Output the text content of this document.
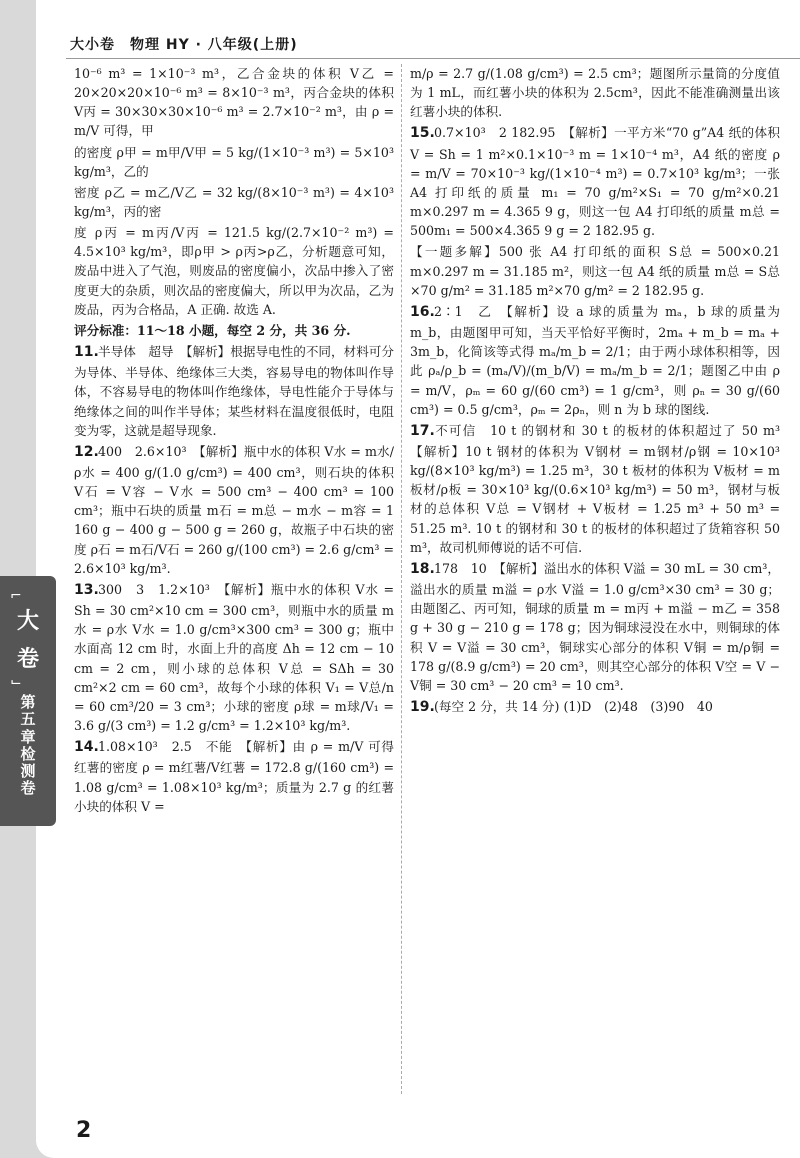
大小卷　物理 HY · 八年级(上册)
⌐
大
卷
⌙
第五章检测卷

10⁻⁶ m³ = 1×10⁻³ m³，乙合金块的体积 V乙 = 20×20×20×10⁻⁶ m³ = 8×10⁻³ m³，丙合金块的体积 V丙 = 30×30×30×10⁻⁶ m³ = 2.7×10⁻² m³，由 ρ = m/V 可得，甲

的密度 ρ甲 = m甲/V甲 = 5 kg/(1×10⁻³ m³) = 5×10³ kg/m³，乙的

密度 ρ乙 = m乙/V乙 = 32 kg/(8×10⁻³ m³) = 4×10³ kg/m³，丙的密

度 ρ丙 = m丙/V丙 = 121.5 kg/(2.7×10⁻² m³) = 4.5×10³ kg/m³，即ρ甲 > ρ丙>ρ乙，分析题意可知，废品中进入了气泡，则废品的密度偏小，次品中掺入了密度更大的杂质，则次品的密度偏大，所以甲为次品，乙为废品，丙为合格品，A 正确. 故选 A.

评分标准：11～18 小题，每空 2 分，共 36 分.

11.半导体　超导　【解析】根据导电性的不同，材料可分为导体、半导体、绝缘体三大类，容易导电的物体叫作导体，不容易导电的物体叫作绝缘体，导电性能介于导体与绝缘体之间的叫作半导体；某些材料在温度很低时，电阻变为零，这就是超导现象.

12.400　2.6×10³　【解析】瓶中水的体积 V水 = m水/ρ水 = 400 g/(1.0 g/cm³) = 400 cm³，则石块的体积 V石 = V容 − V水 = 500 cm³ − 400 cm³ = 100 cm³；瓶中石块的质量 m石 = m总 − m水 − m容 = 1 160 g − 400 g − 500 g = 260 g，故瓶子中石块的密度 ρ石 = m石/V石 = 260 g/(100 cm³) = 2.6 g/cm³ = 2.6×10³ kg/m³.

13.300　3　1.2×10³　【解析】瓶中水的体积 V水 = Sh = 30 cm²×10 cm = 300 cm³，则瓶中水的质量 m水 = ρ水 V水 = 1.0 g/cm³×300 cm³ = 300 g；瓶中水面高 12 cm 时，水面上升的高度 Δh = 12 cm − 10 cm = 2 cm，则小球的总体积 V总 = SΔh = 30 cm²×2 cm = 60 cm³，故每个小球的体积 V₁ = V总/n = 60 cm³/20 = 3 cm³；小球的密度 ρ球 = m球/V₁ = 3.6 g/(3 cm³) = 1.2 g/cm³ = 1.2×10³ kg/m³.

14.1.08×10³　2.5　不能　【解析】由 ρ = m/V 可得红薯的密度 ρ = m红薯/V红薯 = 172.8 g/(160 cm³) = 1.08 g/cm³ = 1.08×10³ kg/m³；质量为 2.7 g 的红薯小块的体积 V =

m/ρ = 2.7 g/(1.08 g/cm³) = 2.5 cm³；题图所示量筒的分度值为 1 mL，而红薯小块的体积为 2.5cm³，因此不能准确测量出该红薯小块的体积.

15.0.7×10³　2 182.95　【解析】一平方米“70 g”A4 纸的体积 V = Sh = 1 m²×0.1×10⁻³ m = 1×10⁻⁴ m³，A4 纸的密度 ρ = m/V = 70×10⁻³ kg/(1×10⁻⁴ m³) = 0.7×10³ kg/m³；一张 A4 打印纸的质量 m₁ = 70 g/m²×S₁ = 70 g/m²×0.21 m×0.297 m = 4.365 9 g，则这一包 A4 打印纸的质量 m总 = 500m₁ = 500×4.365 9 g = 2 182.95 g.

【一题多解】500 张 A4 打印纸的面积 S总 = 500×0.21 m×0.297 m = 31.185 m²，则这一包 A4 纸的质量 m总 = S总×70 g/m² = 31.185 m²×70 g/m² = 2 182.95 g.

16.2∶1　乙　【解析】设 a 球的质量为 mₐ，b 球的质量为 m_b，由题图甲可知，当天平恰好平衡时，2mₐ + m_b = mₐ + 3m_b，化简该等式得 mₐ/m_b = 2/1；由于两小球体积相等，因此 ρₐ/ρ_b = (mₐ/V)/(m_b/V) = mₐ/m_b = 2/1；题图乙中由 ρ = m/V，ρₘ = 60 g/(60 cm³) = 1 g/cm³，则 ρₙ = 30 g/(60 cm³) = 0.5 g/cm³，ρₘ = 2ρₙ，则 n 为 b 球的图线.

17.不可信　10 t 的钢材和 30 t 的板材的体积超过了 50 m³　【解析】10 t 钢材的体积为 V钢材 = m钢材/ρ钢 = 10×10³ kg/(8×10³ kg/m³) = 1.25 m³，30 t 板材的体积为 V板材 = m板材/ρ板 = 30×10³ kg/(0.6×10³ kg/m³) = 50 m³，钢材与板材的总体积 V总 = V钢材 + V板材 = 1.25 m³ + 50 m³ = 51.25 m³. 10 t 的钢材和 30 t 的板材的体积超过了货箱容积 50 m³，故司机师傅说的话不可信.

18.178　10　【解析】溢出水的体积 V溢 = 30 mL = 30 cm³，溢出水的质量 m溢 = ρ水 V溢 = 1.0 g/cm³×30 cm³ = 30 g；由题图乙、丙可知，铜球的质量 m = m丙 + m溢 − m乙 = 358 g + 30 g − 210 g = 178 g；因为铜球浸没在水中，则铜球的体积 V = V溢 = 30 cm³，铜球实心部分的体积 V铜 = m/ρ铜 = 178 g/(8.9 g/cm³) = 20 cm³，则其空心部分的体积 V空 = V − V铜 = 30 cm³ − 20 cm³ = 10 cm³.

19.(每空 2 分，共 14 分) (1)D　(2)48　(3)90　40

2
